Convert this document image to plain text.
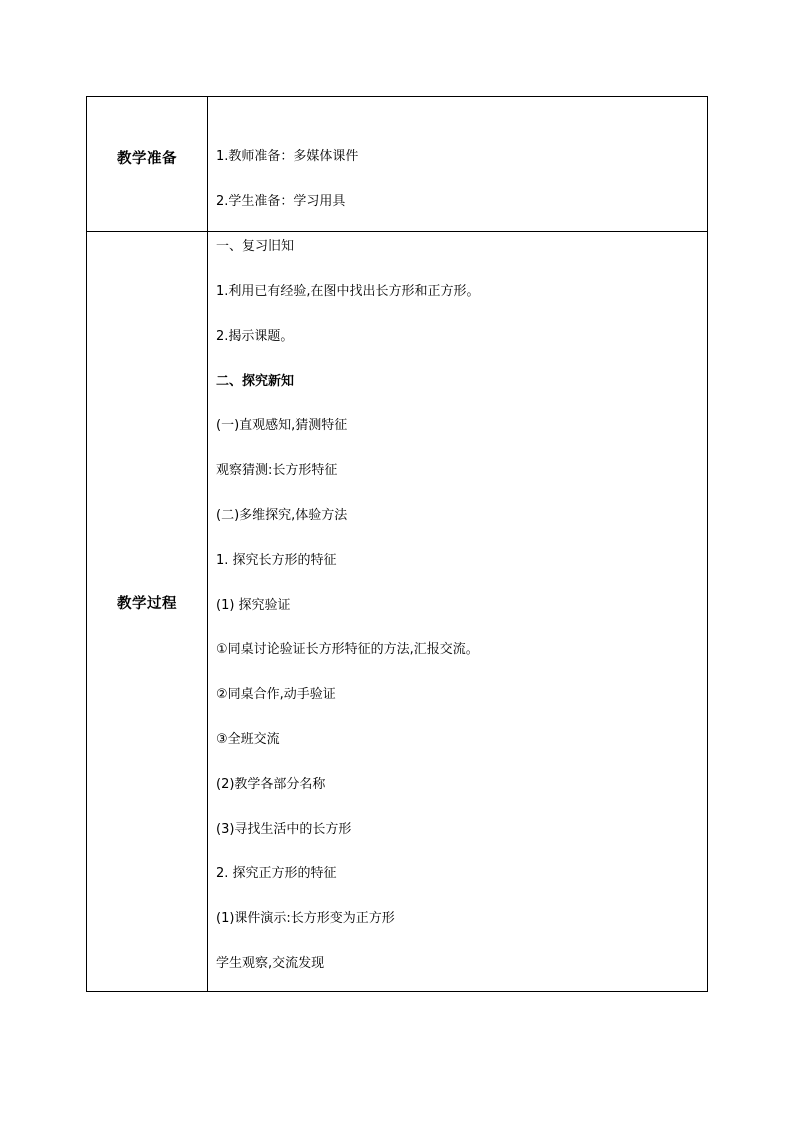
教学准备	1.教师准备：多媒体课件
2.学生准备：学习用具
教学过程
一、复习旧知
1.利用已有经验,在图中找出长方形和正方形。
2.揭示课题。
二、探究新知
(一)直观感知,猜测特征
观察猜测:长方形特征
(二)多维探究,体验方法
1. 探究长方形的特征
(1) 探究验证
①同桌讨论验证长方形特征的方法,汇报交流。
②同桌合作,动手验证
③全班交流
(2)教学各部分名称
(3)寻找生活中的长方形
2. 探究正方形的特征
(1)课件演示:长方形变为正方形
学生观察,交流发现
